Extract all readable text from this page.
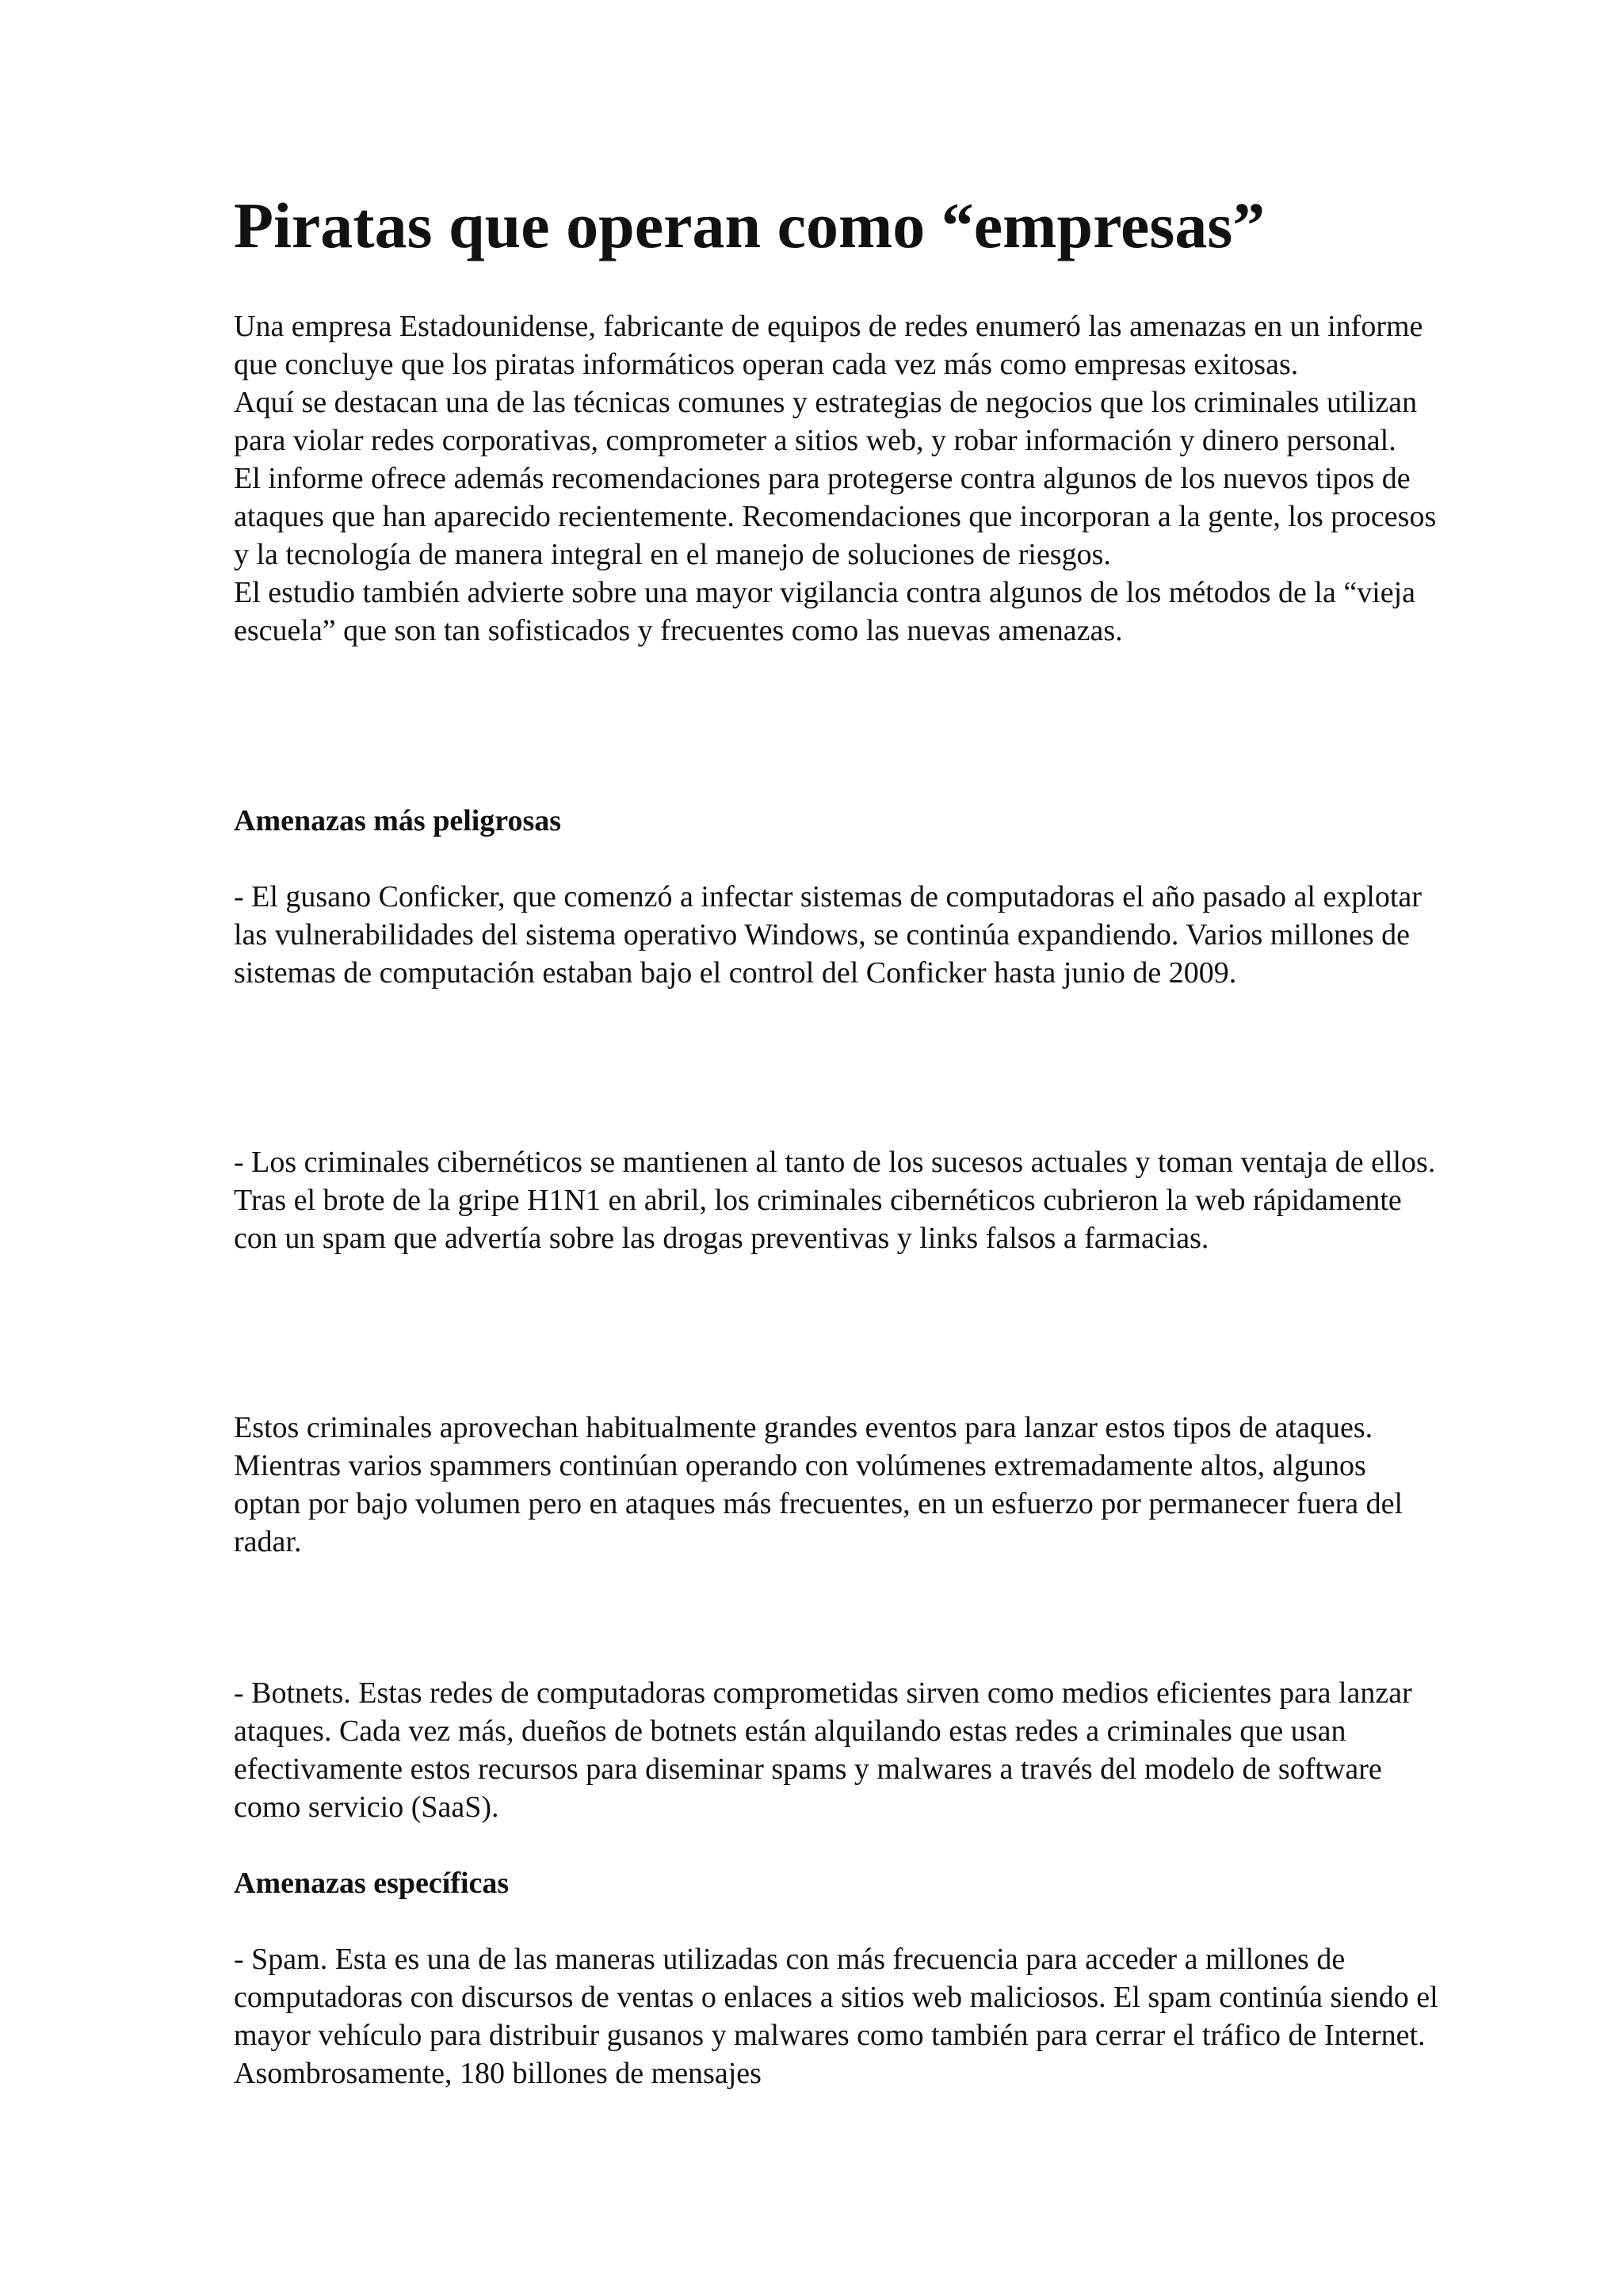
Piratas que operan como “empresas”

Una empresa Estadounidense, fabricante de equipos de redes enumeró las amenazas en un informe que concluye que los piratas informáticos operan cada vez más como empresas exitosas.

Aquí se destacan una de las técnicas comunes y estrategias de negocios que los criminales utilizan para violar redes corporativas, comprometer a sitios web, y robar información y dinero personal.

El informe ofrece además recomendaciones para protegerse contra algunos de los nuevos tipos de ataques que han aparecido recientemente. Recomendaciones que incorporan a la gente, los procesos y la tecnología de manera integral en el manejo de soluciones de riesgos.

El estudio también advierte sobre una mayor vigilancia contra algunos de los métodos de la “vieja escuela” que son tan sofisticados y frecuentes como las nuevas amenazas.

Amenazas más peligrosas

- El gusano Conficker, que comenzó a infectar sistemas de computadoras el año pasado al explotar las vulnerabilidades del sistema operativo Windows, se continúa expandiendo. Varios millones de sistemas de computación estaban bajo el control del Conficker hasta junio de 2009.

- Los criminales cibernéticos se mantienen al tanto de los sucesos actuales y toman ventaja de ellos. Tras el brote de la gripe H1N1 en abril, los criminales cibernéticos cubrieron la web rápidamente con un spam que advertía sobre las drogas preventivas y links falsos a farmacias.

Estos criminales aprovechan habitualmente grandes eventos para lanzar estos tipos de ataques. Mientras varios spammers continúan operando con volúmenes extremadamente altos, algunos optan por bajo volumen pero en ataques más frecuentes, en un esfuerzo por permanecer fuera del radar.

- Botnets. Estas redes de computadoras comprometidas sirven como medios eficientes para lanzar ataques. Cada vez más, dueños de botnets están alquilando estas redes a criminales que usan efectivamente estos recursos para diseminar spams y malwares a través del modelo de software como servicio (SaaS).

Amenazas específicas

- Spam. Esta es una de las maneras utilizadas con más frecuencia para acceder a millones de computadoras con discursos de ventas o enlaces a sitios web maliciosos. El spam continúa siendo el mayor vehículo para distribuir gusanos y malwares como también para cerrar el tráfico de Internet. Asombrosamente, 180 billones de mensajes
